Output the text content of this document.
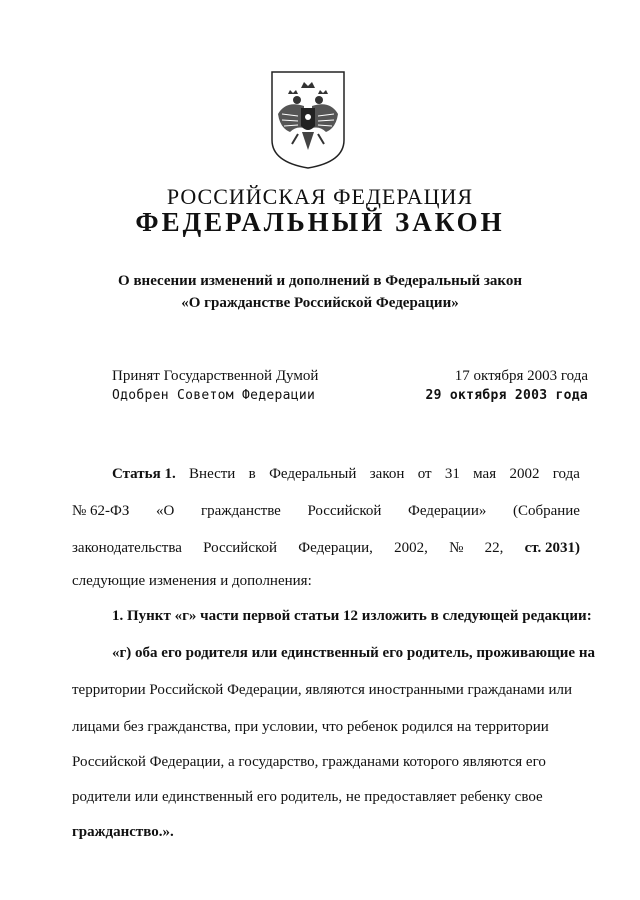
РОССИЙСКАЯ ФЕДЕРАЦИЯ
ФЕДЕРАЛЬНЫЙ ЗАКОН
О внесении изменений и дополнений в Федеральный закон
«О гражданстве Российской Федерации»
Принят Государственной Думой	17 октября 2003 года
Одобрен Советом Федерации	29 октября 2003 года
Статья 1. Внести в Федеральный закон от 31 мая 2002 года
№ 62-ФЗ «О гражданстве Российской Федерации» (Собрание
законодательства Российской Федерации, 2002, № 22, ст. 2031)
следующие изменения и дополнения:
1. Пункт «г» части первой статьи 12 изложить в следующей редакции:
«г) оба его родителя или единственный его родитель, проживающие на
территории Российской Федерации, являются иностранными гражданами или
лицами без гражданства, при условии, что ребенок родился на территории
Российской Федерации, а государство, гражданами которого являются его
родители или единственный его родитель, не предоставляет ребенку свое
гражданство.».
